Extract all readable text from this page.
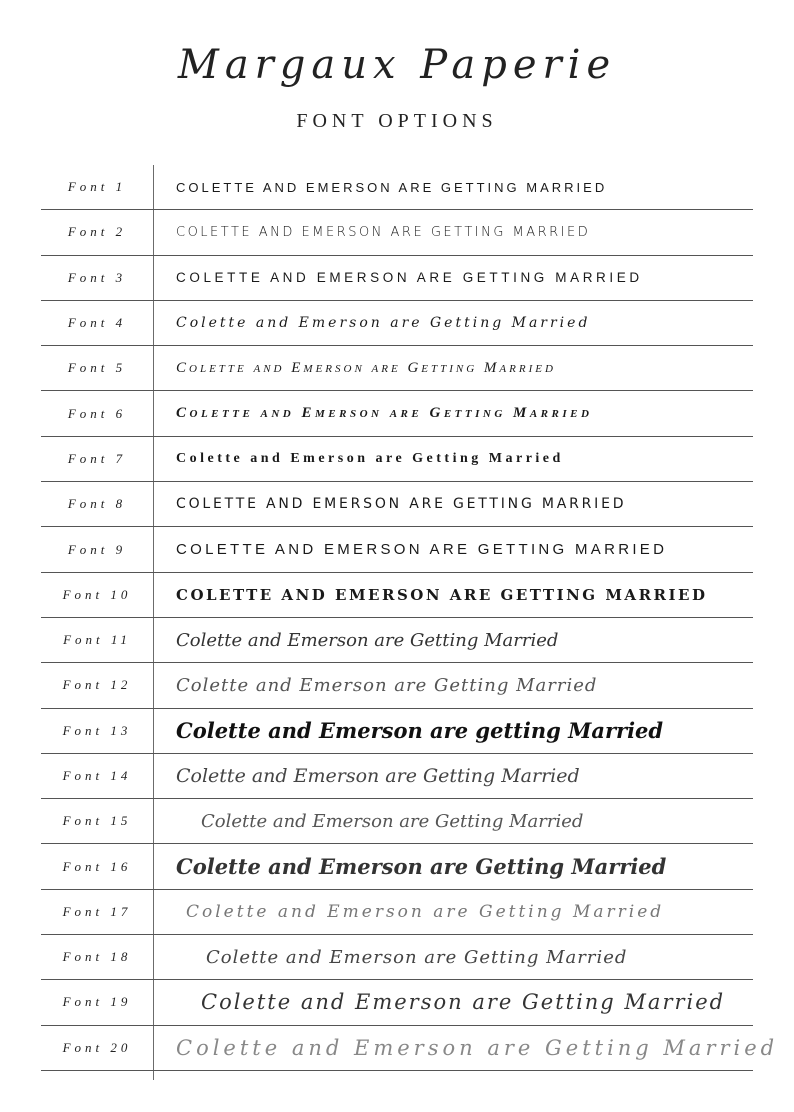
Margaux Paperie
FONT OPTIONS
Font 1	COLETTE AND EMERSON ARE GETTING MARRIED
Font 2	COLETTE AND EMERSON ARE GETTING MARRIED
Font 3	COLETTE AND EMERSON ARE GETTING MARRIED
Font 4	Colette and Emerson are Getting Married
Font 5	Colette and Emerson are Getting Married
Font 6	Colette and Emerson are Getting Married
Font 7	Colette and Emerson are Getting Married
Font 8	COLETTE AND EMERSON ARE GETTING MARRIED
Font 9	COLETTE AND EMERSON ARE GETTING MARRIED
Font 10	COLETTE AND EMERSON ARE GETTING MARRIED
Font 11	Colette and Emerson are Getting Married
Font 12	Colette and Emerson are Getting Married
Font 13	Colette and Emerson are getting Married
Font 14	Colette and Emerson are Getting Married
Font 15	Colette and Emerson are Getting Married
Font 16	Colette and Emerson are Getting Married
Font 17	Colette and Emerson are Getting Married
Font 18	Colette and Emerson are Getting Married
Font 19	Colette and Emerson are Getting Married
Font 20	Colette and Emerson are Getting Married
